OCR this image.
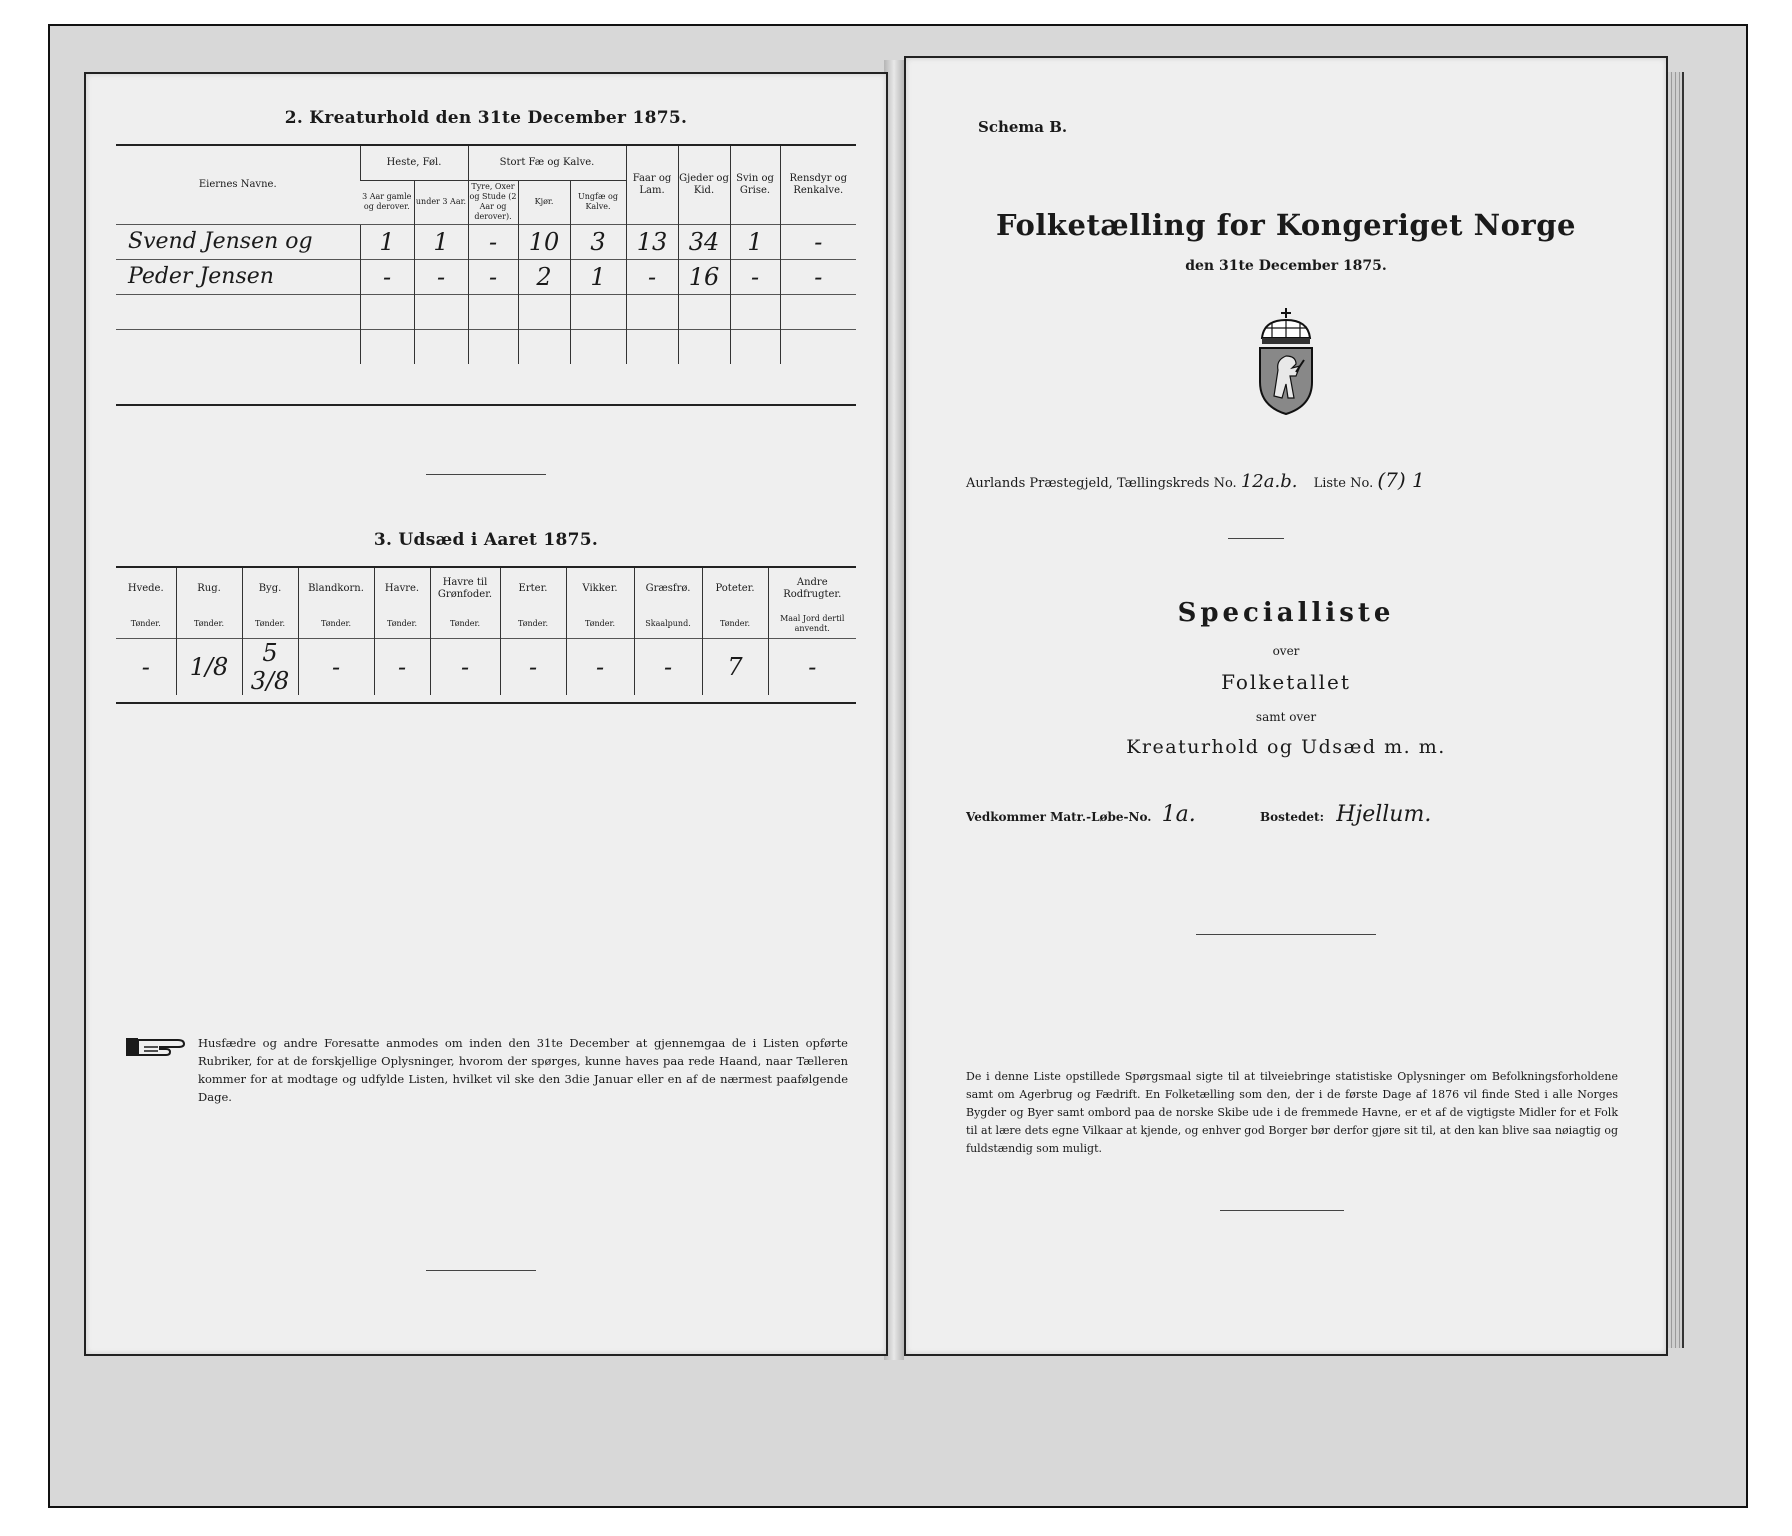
2. Kreaturhold den 31te December 1875.
Eiernes Navne.	Heste, Føl.		Stort Fæ og Kalve.			Faar og Lam.	Gjeder og Kid.	Svin og Grise.	Rensdyr og Renkalve.
	3 Aar gamle og derover.	under 3 Aar.	Tyre, Oxer og Stude (2 Aar og derover).	Kjør.	Ungfæ og Kalve.				
Svend Jensen og	1	1	-	10	3	13	34	1	-
Peder Jensen	-	-	-	2	1	-	16	-	-

3. Udsæd i Aaret 1875.
Hvede.	Rug.	Byg.	Blandkorn.	Havre.	Havre til Grønfoder.	Erter.	Vikker.	Græsfrø.	Poteter.	Andre Rodfrugter.
Tønder.	Tønder.	Tønder.	Tønder.	Tønder.	Tønder.	Tønder.	Tønder.	Skaalpund.	Tønder.	Maal Jord dertil anvendt.
-	1/8	5 3/8	-	-	-	-	-	-	7	-
Husfædre og andre Foresatte anmodes om inden den 31te December at gjennemgaa de i Listen opførte Rubriker, for at de forskjellige Oplysninger, hvorom der spørges, kunne haves paa rede Haand, naar Tælleren kommer for at modtage og udfylde Listen, hvilket vil ske den 3die Januar eller en af de nærmest paafølgende Dage.
Schema B.
Folketælling for Kongeriget Norge
den 31te December 1875.
Aurlands Præstegjeld, Tællingskreds No. 12a.b. Liste No. (7) 1
Specialliste
over
Folketallet
samt over
Kreaturhold og Udsæd m. m.
Vedkommer Matr.-Løbe-No. 1a.	Bostedet: Hjellum.
De i denne Liste opstillede Spørgsmaal sigte til at tilveiebringe statistiske Oplysninger om Befolkningsforholdene samt om Agerbrug og Fædrift. En Folketælling som den, der i de første Dage af 1876 vil finde Sted i alle Norges Bygder og Byer samt ombord paa de norske Skibe ude i de fremmede Havne, er et af de vigtigste Midler for et Folk til at lære dets egne Vilkaar at kjende, og enhver god Borger bør derfor gjøre sit til, at den kan blive saa nøiagtig og fuldstændig som muligt.
